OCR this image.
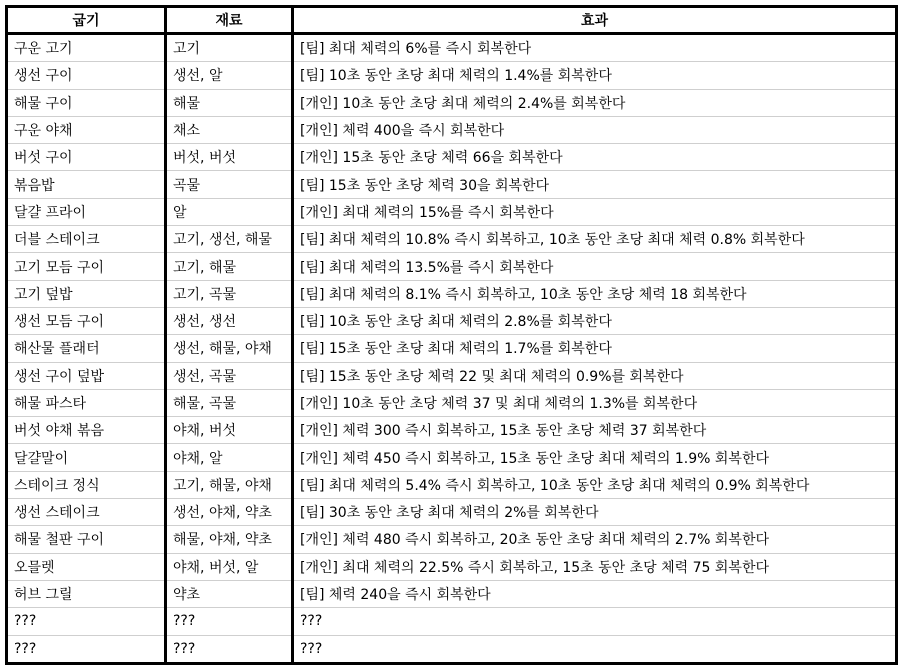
굽기	재료	효과
구운 고기	고기	[팀] 최대 체력의 6%를 즉시 회복한다
생선 구이	생선, 알	[팀] 10초 동안 초당 최대 체력의 1.4%를 회복한다
해물 구이	해물	[개인] 10초 동안 초당 최대 체력의 2.4%를 회복한다
구운 야채	채소	[개인] 체력 400을 즉시 회복한다
버섯 구이	버섯, 버섯	[개인] 15초 동안 초당 체력 66을 회복한다
볶음밥	곡물	[팀] 15초 동안 초당 체력 30을 회복한다
달걀 프라이	알	[개인] 최대 체력의 15%를 즉시 회복한다
더블 스테이크	고기, 생선, 해물	[팀] 최대 체력의 10.8% 즉시 회복하고, 10초 동안 초당 최대 체력 0.8% 회복한다
고기 모듬 구이	고기, 해물	[팀] 최대 체력의 13.5%를 즉시 회복한다
고기 덮밥	고기, 곡물	[팀] 최대 체력의 8.1% 즉시 회복하고, 10초 동안 초당 체력 18 회복한다
생선 모듬 구이	생선, 생선	[팀] 10초 동안 초당 최대 체력의 2.8%를 회복한다
해산물 플래터	생선, 해물, 야채	[팀] 15초 동안 초당 최대 체력의 1.7%를 회복한다
생선 구이 덮밥	생선, 곡물	[팀] 15초 동안 초당 체력 22 및 최대 체력의 0.9%를 회복한다
해물 파스타	해물, 곡물	[개인] 10초 동안 초당 체력 37 및 최대 체력의 1.3%를 회복한다
버섯 야채 볶음	야채, 버섯	[개인] 체력 300 즉시 회복하고, 15초 동안 초당 체력 37 회복한다
달걀말이	야채, 알	[개인] 체력 450 즉시 회복하고, 15초 동안 초당 최대 체력의 1.9% 회복한다
스테이크 정식	고기, 해물, 야채	[팀] 최대 체력의 5.4% 즉시 회복하고, 10초 동안 초당 최대 체력의 0.9% 회복한다
생선 스테이크	생선, 야채, 약초	[팀] 30초 동안 초당 최대 체력의 2%를 회복한다
해물 철판 구이	해물, 야채, 약초	[개인] 체력 480 즉시 회복하고, 20초 동안 초당 최대 체력의 2.7% 회복한다
오믈렛	야채, 버섯, 알	[개인] 최대 체력의 22.5% 즉시 회복하고, 15초 동안 초당 체력 75 회복한다
허브 그릴	약초	[팀] 체력 240을 즉시 회복한다
???	???	???
???	???	???
